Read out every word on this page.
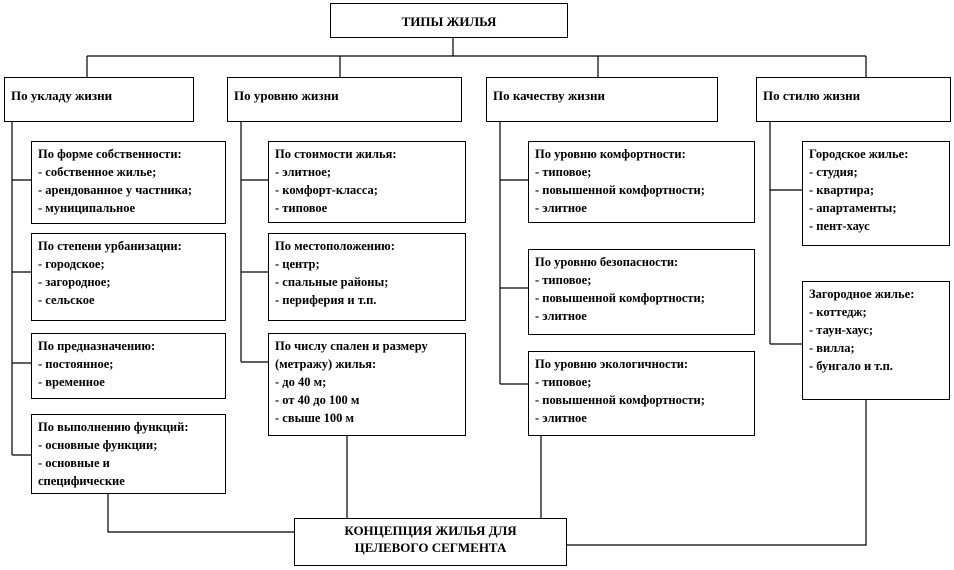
ТИПЫ ЖИЛЬЯ
По укладу жизни	По уровню жизни	По качеству жизни	По стилю жизни
По форме собственности:
- собственное жилье;
- арендованное у частника;
- муниципальное
По степени урбанизации:
- городское;
- загородное;
- сельское
По предназначению:
- постоянное;
- временное
По выполнению функций:
- основные функции;
- основные и специфические
По стоимости жилья:
- элитное;
- комфорт-класса;
- типовое
По местоположению:
- центр;
- спальные районы;
- периферия и т.п.
По числу спален и размеру (метражу) жилья:
- до 40 м;
- от 40 до 100 м
- свыше 100 м
По уровню комфортности:
- типовое;
- повышенной комфортности;
- элитное
По уровню безопасности:
- типовое;
- повышенной комфортности;
- элитное
По уровню экологичности:
- типовое;
- повышенной комфортности;
- элитное
Городское жилье:
- студия;
- квартира;
- апартаменты;
- пент-хаус
Загородное жилье:
- коттедж;
- таун-хаус;
- вилла;
- бунгало и т.п.
КОНЦЕПЦИЯ ЖИЛЬЯ ДЛЯ
ЦЕЛЕВОГО СЕГМЕНТА
